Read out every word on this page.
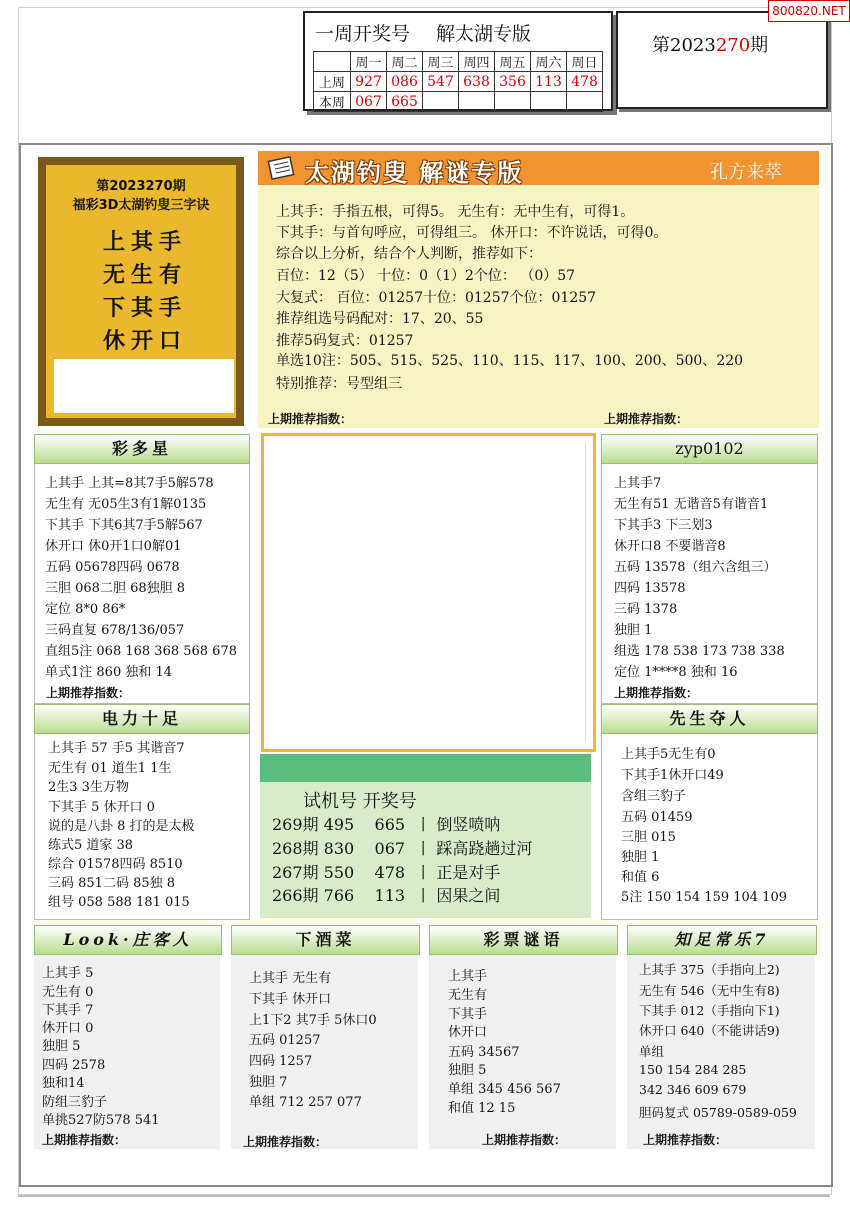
一周开奖号 解太湖专版
	周一	周二	周三	周四	周五	周六	周日
上周	927	086	547	638	356	113	478
本周	067	665					
第2023270期
800820.NET
第2023270期
福彩3D太湖钓叟三字诀
上其手
无生有
下其手
休开口
太湖钓叟 解谜专版	孔方来萃
上其手：手指五根，可得5。 无生有：无中生有，可得1。
下其手：与首句呼应，可得组三。 休开口：不许说话，可得0。
综合以上分析，结合个人判断，推荐如下：
百位：12（5） 十位：0（1）2个位： （0）57
大复式： 百位：01257十位：01257个位：01257
推荐组选号码配对：17、20、55
推荐5码复式：01257
单选10注：505、515、525、110、115、117、100、200、500、220
特别推荐：号型组三
上期推荐指数：	上期推荐指数：
彩多星
上其手 上其=8其7手5解578
无生有 无05生3有1解0135
下其手 下其6其7手5解567
休开口 休0开1口0解01
五码 05678四码 0678
三胆 068二胆 68独胆 8
定位 8*0 86*
三码直复 678/136/057
直组5注 068 168 368 568 678
单式1注 860 独和 14
上期推荐指数：
电力十足
上其手 57 手5 其谐音7
无生有 01 道生1 1生
2生3 3生万物
下其手 5 休开口 0
说的是八卦 8 打的是太极
练式5 道家 38
综合 01578四码 8510
三码 851二码 85独 8
组号 058 588 181 015
试机号 开奖号
269期 495 665 丨 倒竖喷呐
268期 830 067 丨 踩高跷趟过河
267期 550 478 丨 正是对手
266期 766 113 丨 因果之间
zyp0102
上其手7
无生有51 无谐音5有谐音1
下其手3 下三划3
休开口8 不要谐音8
五码 13578（组六含组三）
四码 13578
三码 1378
独胆 1
组选 178 538 173 738 338
定位 1****8 独和 16
上期推荐指数：
先生夺人
上其手5无生有0
下其手1休开口49
含组三豹子
五码 01459
三胆 015
独胆 1
和值 6
5注 150 154 159 104 109
Look·庄客人
上其手 5
无生有 0
下其手 7
休开口 0
独胆 5
四码 2578
独和14
防组三豹子
单挑527防578 541
上期推荐指数：
下酒菜
上其手 无生有
下其手 休开口
上1下2 其7手 5休口0
五码 01257
四码 1257
独胆 7
单组 712 257 077
上期推荐指数：
彩票谜语
上其手
无生有
下其手
休开口
五码 34567
独胆 5
单组 345 456 567
和值 12 15
上期推荐指数：
知足常乐7
上其手 375（手指向上2)
无生有 546（无中生有8)
下其手 012（手指向下1)
休开口 640（不能讲话9)
单组
150 154 284 285
342 346 609 679
胆码复式 05789-0589-059
上期推荐指数：
